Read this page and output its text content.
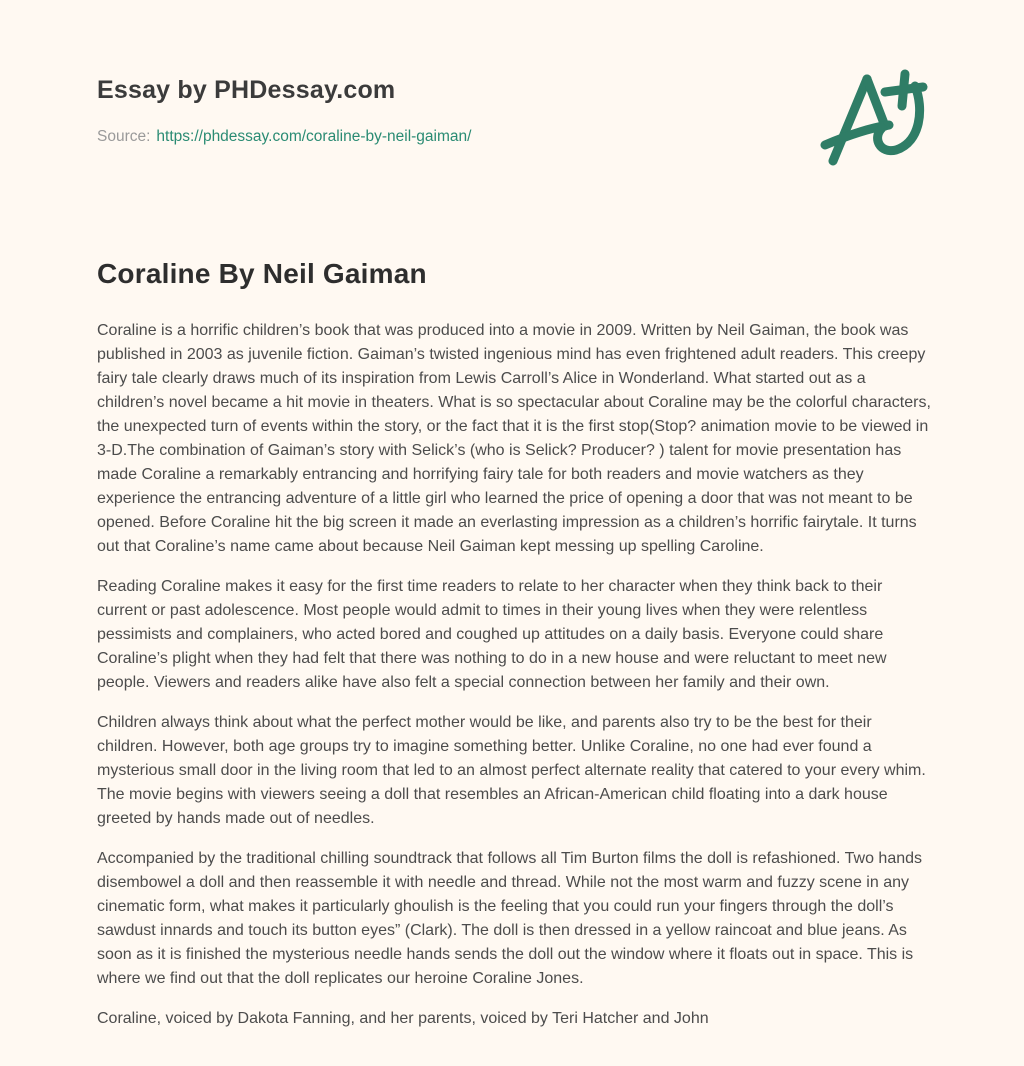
Essay by PHDessay.com
Source: https://phdessay.com/coraline-by-neil-gaiman/
Coraline By Neil Gaiman

Coraline is a horrific children’s book that was produced into a movie in 2009. Written by Neil Gaiman, the book was published in 2003 as juvenile fiction. Gaiman’s twisted ingenious mind has even frightened adult readers. This creepy fairy tale clearly draws much of its inspiration from Lewis Carroll’s Alice in Wonderland. What started out as a children’s novel became a hit movie in theaters. What is so spectacular about Coraline may be the colorful characters, the unexpected turn of events within the story, or the fact that it is the first stop(Stop? animation movie to be viewed in 3-D.The combination of Gaiman’s story with Selick’s (who is Selick? Producer? ) talent for movie presentation has made Coraline a remarkably entrancing and horrifying fairy tale for both readers and movie watchers as they experience the entrancing adventure of a little girl who learned the price of opening a door that was not meant to be opened. Before Coraline hit the big screen it made an everlasting impression as a children’s horrific fairytale. It turns out that Coraline’s name came about because Neil Gaiman kept messing up spelling Caroline.

Reading Coraline makes it easy for the first time readers to relate to her character when they think back to their current or past adolescence. Most people would admit to times in their young lives when they were relentless pessimists and complainers, who acted bored and coughed up attitudes on a daily basis. Everyone could share Coraline’s plight when they had felt that there was nothing to do in a new house and were reluctant to meet new people. Viewers and readers alike have also felt a special connection between her family and their own.

Children always think about what the perfect mother would be like, and parents also try to be the best for their children. However, both age groups try to imagine something better. Unlike Coraline, no one had ever found a mysterious small door in the living room that led to an almost perfect alternate reality that catered to your every whim. The movie begins with viewers seeing a doll that resembles an African-American child floating into a dark house greeted by hands made out of needles.

Accompanied by the traditional chilling soundtrack that follows all Tim Burton films the doll is refashioned. Two hands disembowel a doll and then reassemble it with needle and thread. While not the most warm and fuzzy scene in any cinematic form, what makes it particularly ghoulish is the feeling that you could run your fingers through the doll’s sawdust innards and touch its button eyes” (Clark). The doll is then dressed in a yellow raincoat and blue jeans. As soon as it is finished the mysterious needle hands sends the doll out the window where it floats out in space. This is where we find out that the doll replicates our heroine Coraline Jones.

Coraline, voiced by Dakota Fanning, and her parents, voiced by Teri Hatcher and John
